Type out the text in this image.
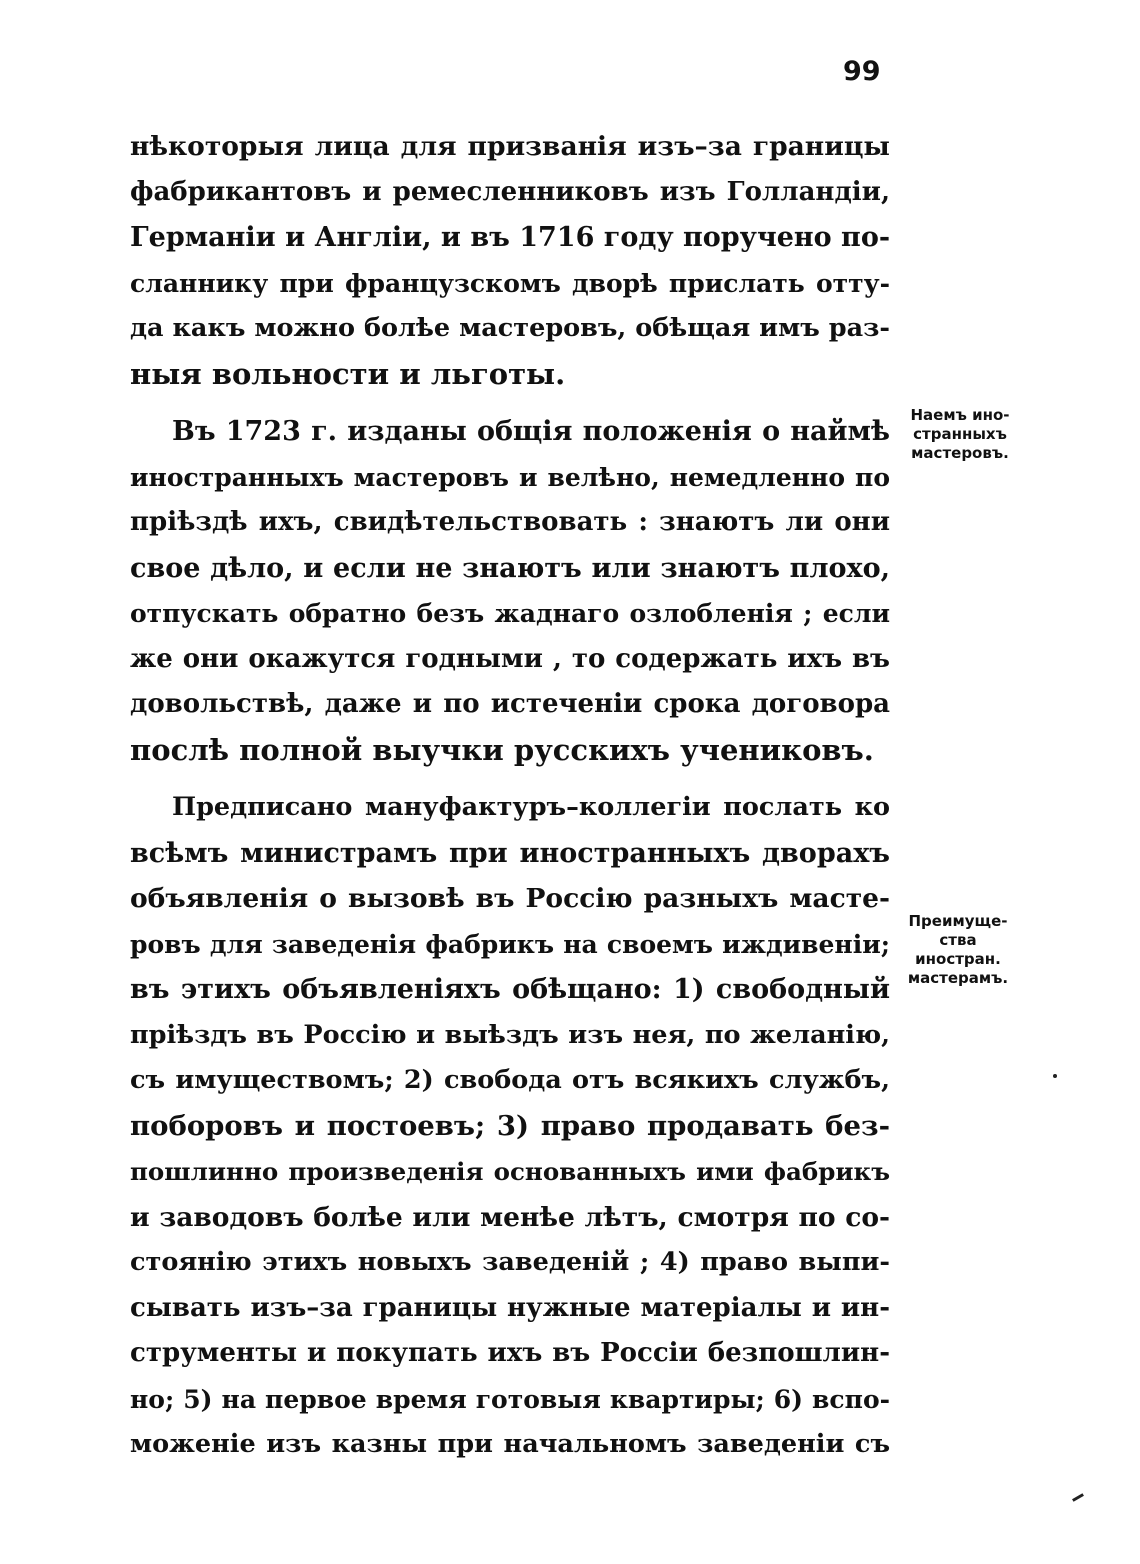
99
нѣкоторыя лица для призванія изъ–за границы
фабрикантовъ и ремесленниковъ изъ Голландіи,
Германіи и Англіи, и въ 1716 году поручено по-
сланнику при французскомъ дворѣ прислать отту-
да какъ можно болѣе мастеровъ, обѣщая имъ раз-
ныя вольности и льготы.
Въ 1723 г. изданы общія положенія о наймѣ
иностранныхъ мастеровъ и велѣно, немедленно по
пріѣздѣ ихъ, свидѣтельствовать : знаютъ ли они
свое дѣло, и если не знаютъ или знаютъ плохо,
отпускать обратно безъ жаднаго озлобленія ; если
же они окажутся годными , то содержать ихъ въ
довольствѣ, даже и по истеченіи срока договора
послѣ полной выучки русскихъ учениковъ.
Предписано мануфактуръ–коллегіи послать ко
всѣмъ министрамъ при иностранныхъ дворахъ
объявленія о вызовѣ въ Россію разныхъ масте-
ровъ для заведенія фабрикъ на своемъ иждивеніи;
въ этихъ объявленіяхъ обѣщано: 1) свободный
пріѣздъ въ Россію и выѣздъ изъ нея, по желанію,
съ имуществомъ; 2) свобода отъ всякихъ службъ,
поборовъ и постоевъ; 3) право продавать без-
пошлинно произведенія основанныхъ ими фабрикъ
и заводовъ болѣе или менѣе лѣтъ, смотря по со-
стоянію этихъ новыхъ заведеній ; 4) право выпи-
сывать изъ–за границы нужные матеріалы и ин-
струменты и покупать ихъ въ Россіи безпошлин-
но; 5) на первое время готовыя квартиры; 6) вспо-
моженіе изъ казны при начальномъ заведеніи съ
Наемъ ино-
странныхъ
мастеровъ.
Преимуще-
ства
иностран.
мастерамъ.
